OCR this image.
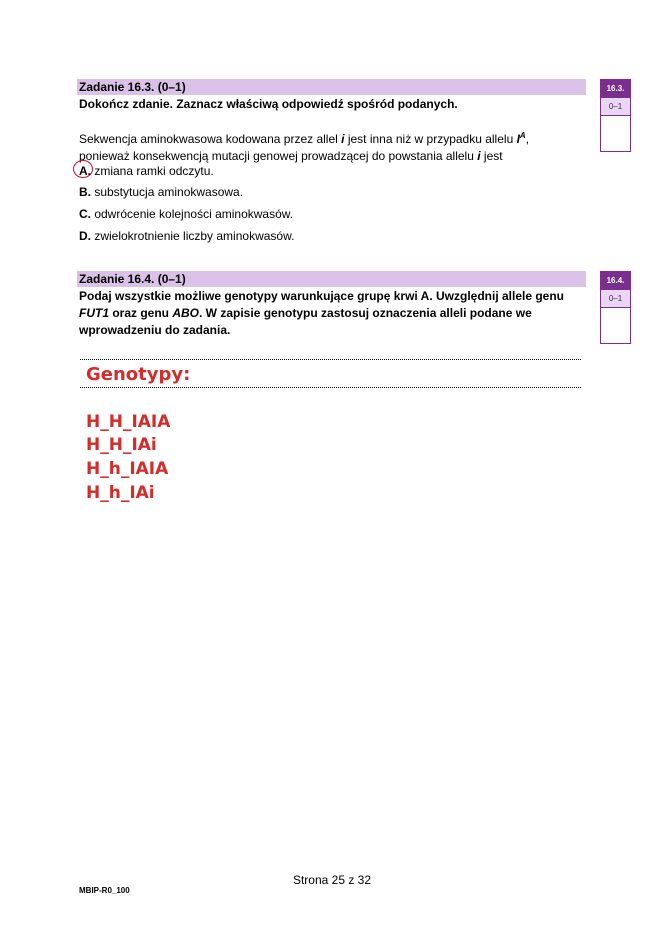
Zadanie 16.3. (0–1)
Dokończ zdanie. Zaznacz właściwą odpowiedź spośród podanych.
Sekwencja aminokwasowa kodowana przez allel i jest inna niż w przypadku allelu $I^A$,
ponieważ konsekwencją mutacji genowej prowadzącej do powstania allelu i jest
A. zmiana ramki odczytu.
B. substytucja aminokwasowa.
C. odwrócenie kolejności aminokwasów.
D. zwielokrotnienie liczby aminokwasów.
16.3.
0–1
Zadanie 16.4. (0–1)
Podaj wszystkie możliwe genotypy warunkujące grupę krwi A. Uwzględnij allele genu
FUT1 oraz genu ABO. W zapisie genotypu zastosuj oznaczenia alleli podane we
wprowadzeniu do zadania.
16.4.
0–1
Genotypy:
H_H_IAIA
H_H_IAi
H_h_IAIA
H_h_IAi
Strona 25 z 32
MBIP-R0_100
